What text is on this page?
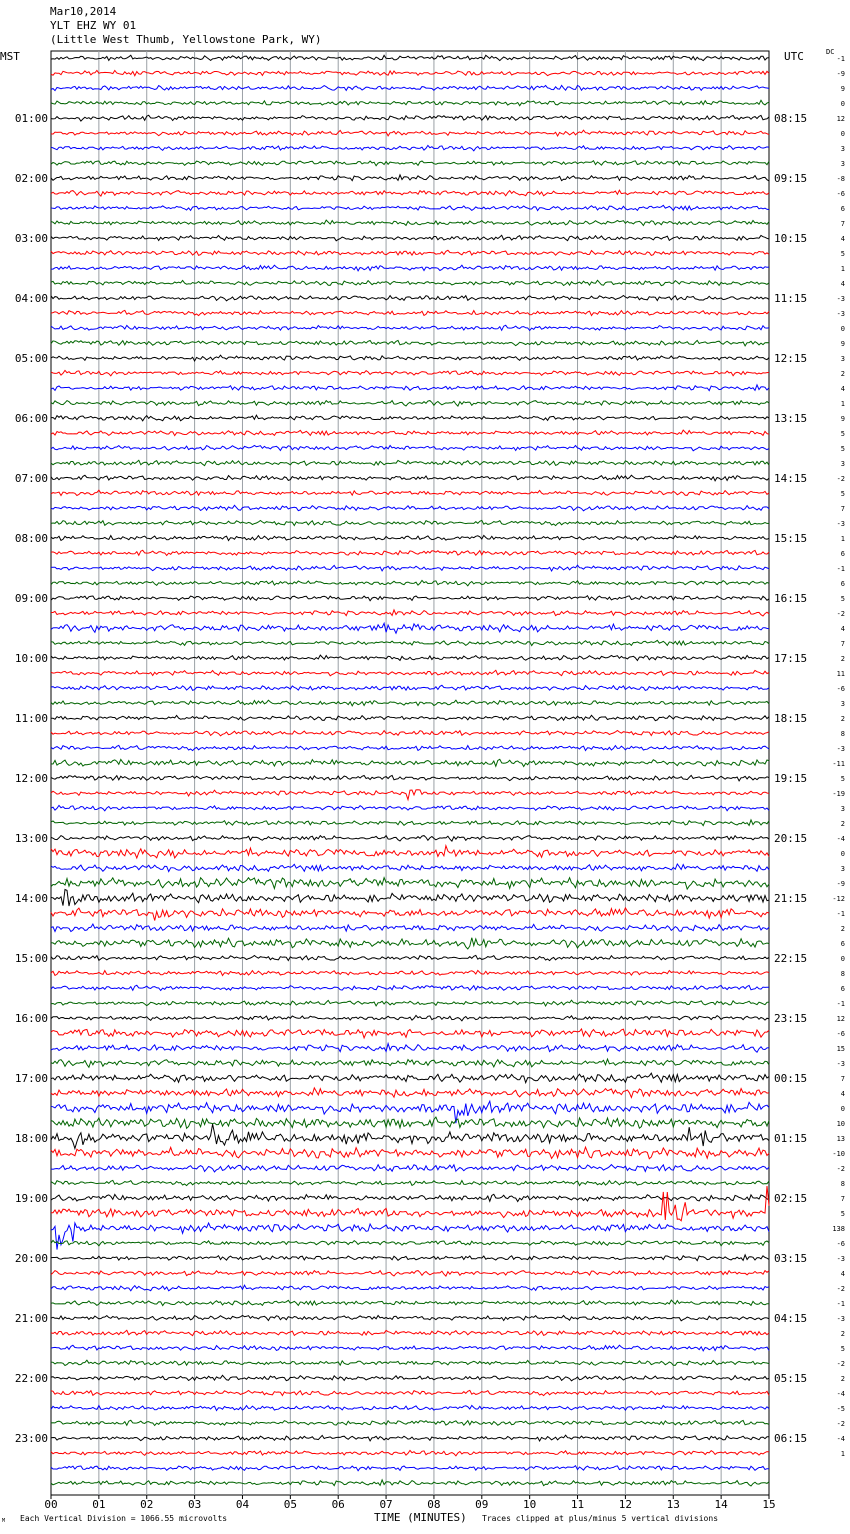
Mar10,2014
YLT EHZ WY 01
(Little West Thumb, Yellowstone Park, WY)
MST	UTC	DC
00	01	02	03	04	05	06	07	08	09	10	11	12	13	14	15
-1
-9
9
0
12
0
3
3
-8
-6
6
7
4
5
1
4
-3
-3
0
9
3
2
4
1
9
5
5
3
-2
5
7
-3
1
6
-1
6
5
-2
4
7
2
11
-6
3
2
8
-3
-11
5
-19
3
2
-4
0
3
-9
-12
-1
2
6
0
8
6
-1
12
-6
15
-3
7
4
0
10
13
-10
-2
8
7
5
138
-6
-3
4
-2
-1
-3
2
5
-2
2
-4
-5
-2
-4
1
01:00
02:00
03:00
04:00
05:00
06:00
07:00
08:00
09:00
10:00
11:00
12:00
13:00
14:00
15:00
16:00
17:00
18:00
19:00
20:00
21:00
22:00
23:00
08:15
09:15
10:15
11:15
12:15
13:15
14:15
15:15
16:15
17:15
18:15
19:15
20:15
21:15
22:15
23:15
00:15
01:15
02:15
03:15
04:15
05:15
06:15
M Each Vertical Division = 1066.55 microvolts	TIME (MINUTES) Traces clipped at plus/minus 5 vertical divisions
